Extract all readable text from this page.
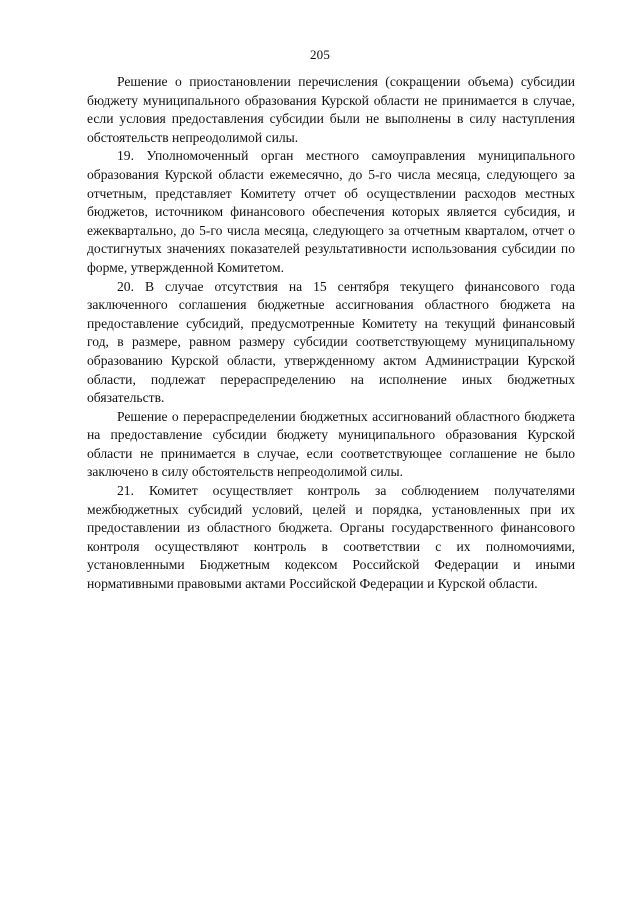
205

Решение о приостановлении перечисления (сокращении объема) субсидии бюджету муниципального образования Курской области не принимается в случае, если условия предоставления субсидии были не выполнены в силу наступления обстоятельств непреодолимой силы.

19. Уполномоченный орган местного самоуправления муниципального образования Курской области ежемесячно, до 5-го числа месяца, следующего за отчетным, представляет Комитету отчет об осуществлении расходов местных бюджетов, источником финансового обеспечения которых является субсидия, и ежеквартально, до 5-го числа месяца, следующего за отчетным кварталом, отчет о достигнутых значениях показателей результативности использования субсидии по форме, утвержденной Комитетом.

20. В случае отсутствия на 15 сентября текущего финансового года заключенного соглашения бюджетные ассигнования областного бюджета на предоставление субсидий, предусмотренные Комитету на текущий финансовый год, в размере, равном размеру субсидии соответствующему муниципальному образованию Курской области, утвержденному актом Администрации Курской области, подлежат перераспределению на исполнение иных бюджетных обязательств.

Решение о перераспределении бюджетных ассигнований областного бюджета на предоставление субсидии бюджету муниципального образования Курской области не принимается в случае, если соответствующее соглашение не было заключено в силу обстоятельств непреодолимой силы.

21. Комитет осуществляет контроль за соблюдением получателями межбюджетных субсидий условий, целей и порядка, установленных при их предоставлении из областного бюджета. Органы государственного финансового контроля осуществляют контроль в соответствии с их полномочиями, установленными Бюджетным кодексом Российской Федерации и иными нормативными правовыми актами Российской Федерации и Курской области.
